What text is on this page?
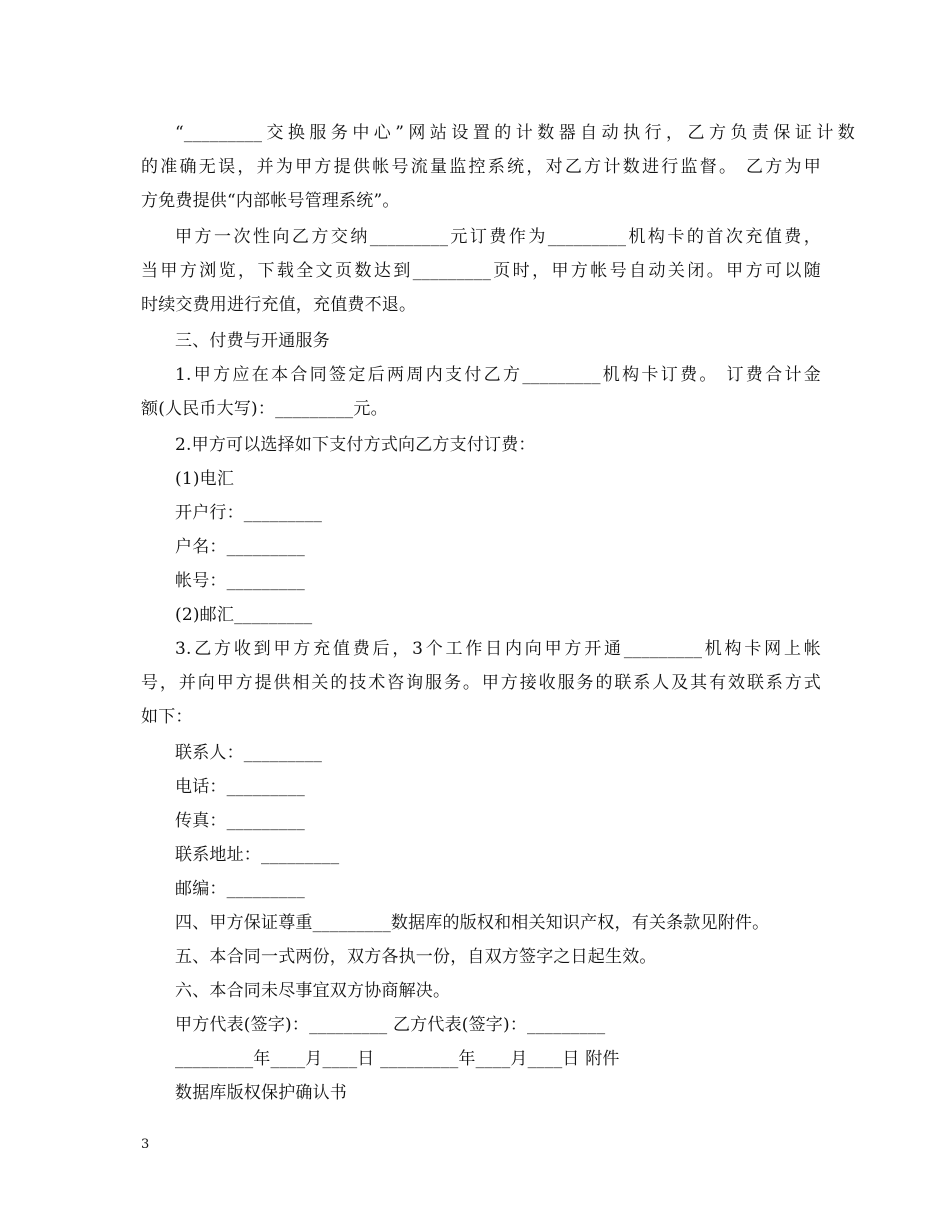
“_________交换服务中心”网站设置的计数器自动执行，乙方负责保证计数
的准确无误，并为甲方提供帐号流量监控系统，对乙方计数进行监督。 乙方为甲
方免费提供“内部帐号管理系统”。
甲方一次性向乙方交纳_________元订费作为_________机构卡的首次充值费，
当甲方浏览，下载全文页数达到_________页时，甲方帐号自动关闭。甲方可以随
时续交费用进行充值，充值费不退。
三、付费与开通服务
1.甲方应在本合同签定后两周内支付乙方_________机构卡订费。 订费合计金
额(人民币大写)：_________元。
2.甲方可以选择如下支付方式向乙方支付订费：
(1)电汇
开户行：_________
户名：_________
帐号：_________
(2)邮汇_________
3.乙方收到甲方充值费后，3个工作日内向甲方开通_________机构卡网上帐
号，并向甲方提供相关的技术咨询服务。甲方接收服务的联系人及其有效联系方式
如下：
联系人：_________
电话：_________
传真：_________
联系地址：_________
邮编：_________
四、甲方保证尊重_________数据库的版权和相关知识产权，有关条款见附件。
五、本合同一式两份，双方各执一份，自双方签字之日起生效。
六、本合同未尽事宜双方协商解决。
甲方代表(签字)：_________ 乙方代表(签字)：_________
_________年____月____日 _________年____月____日 附件
数据库版权保护确认书
3
